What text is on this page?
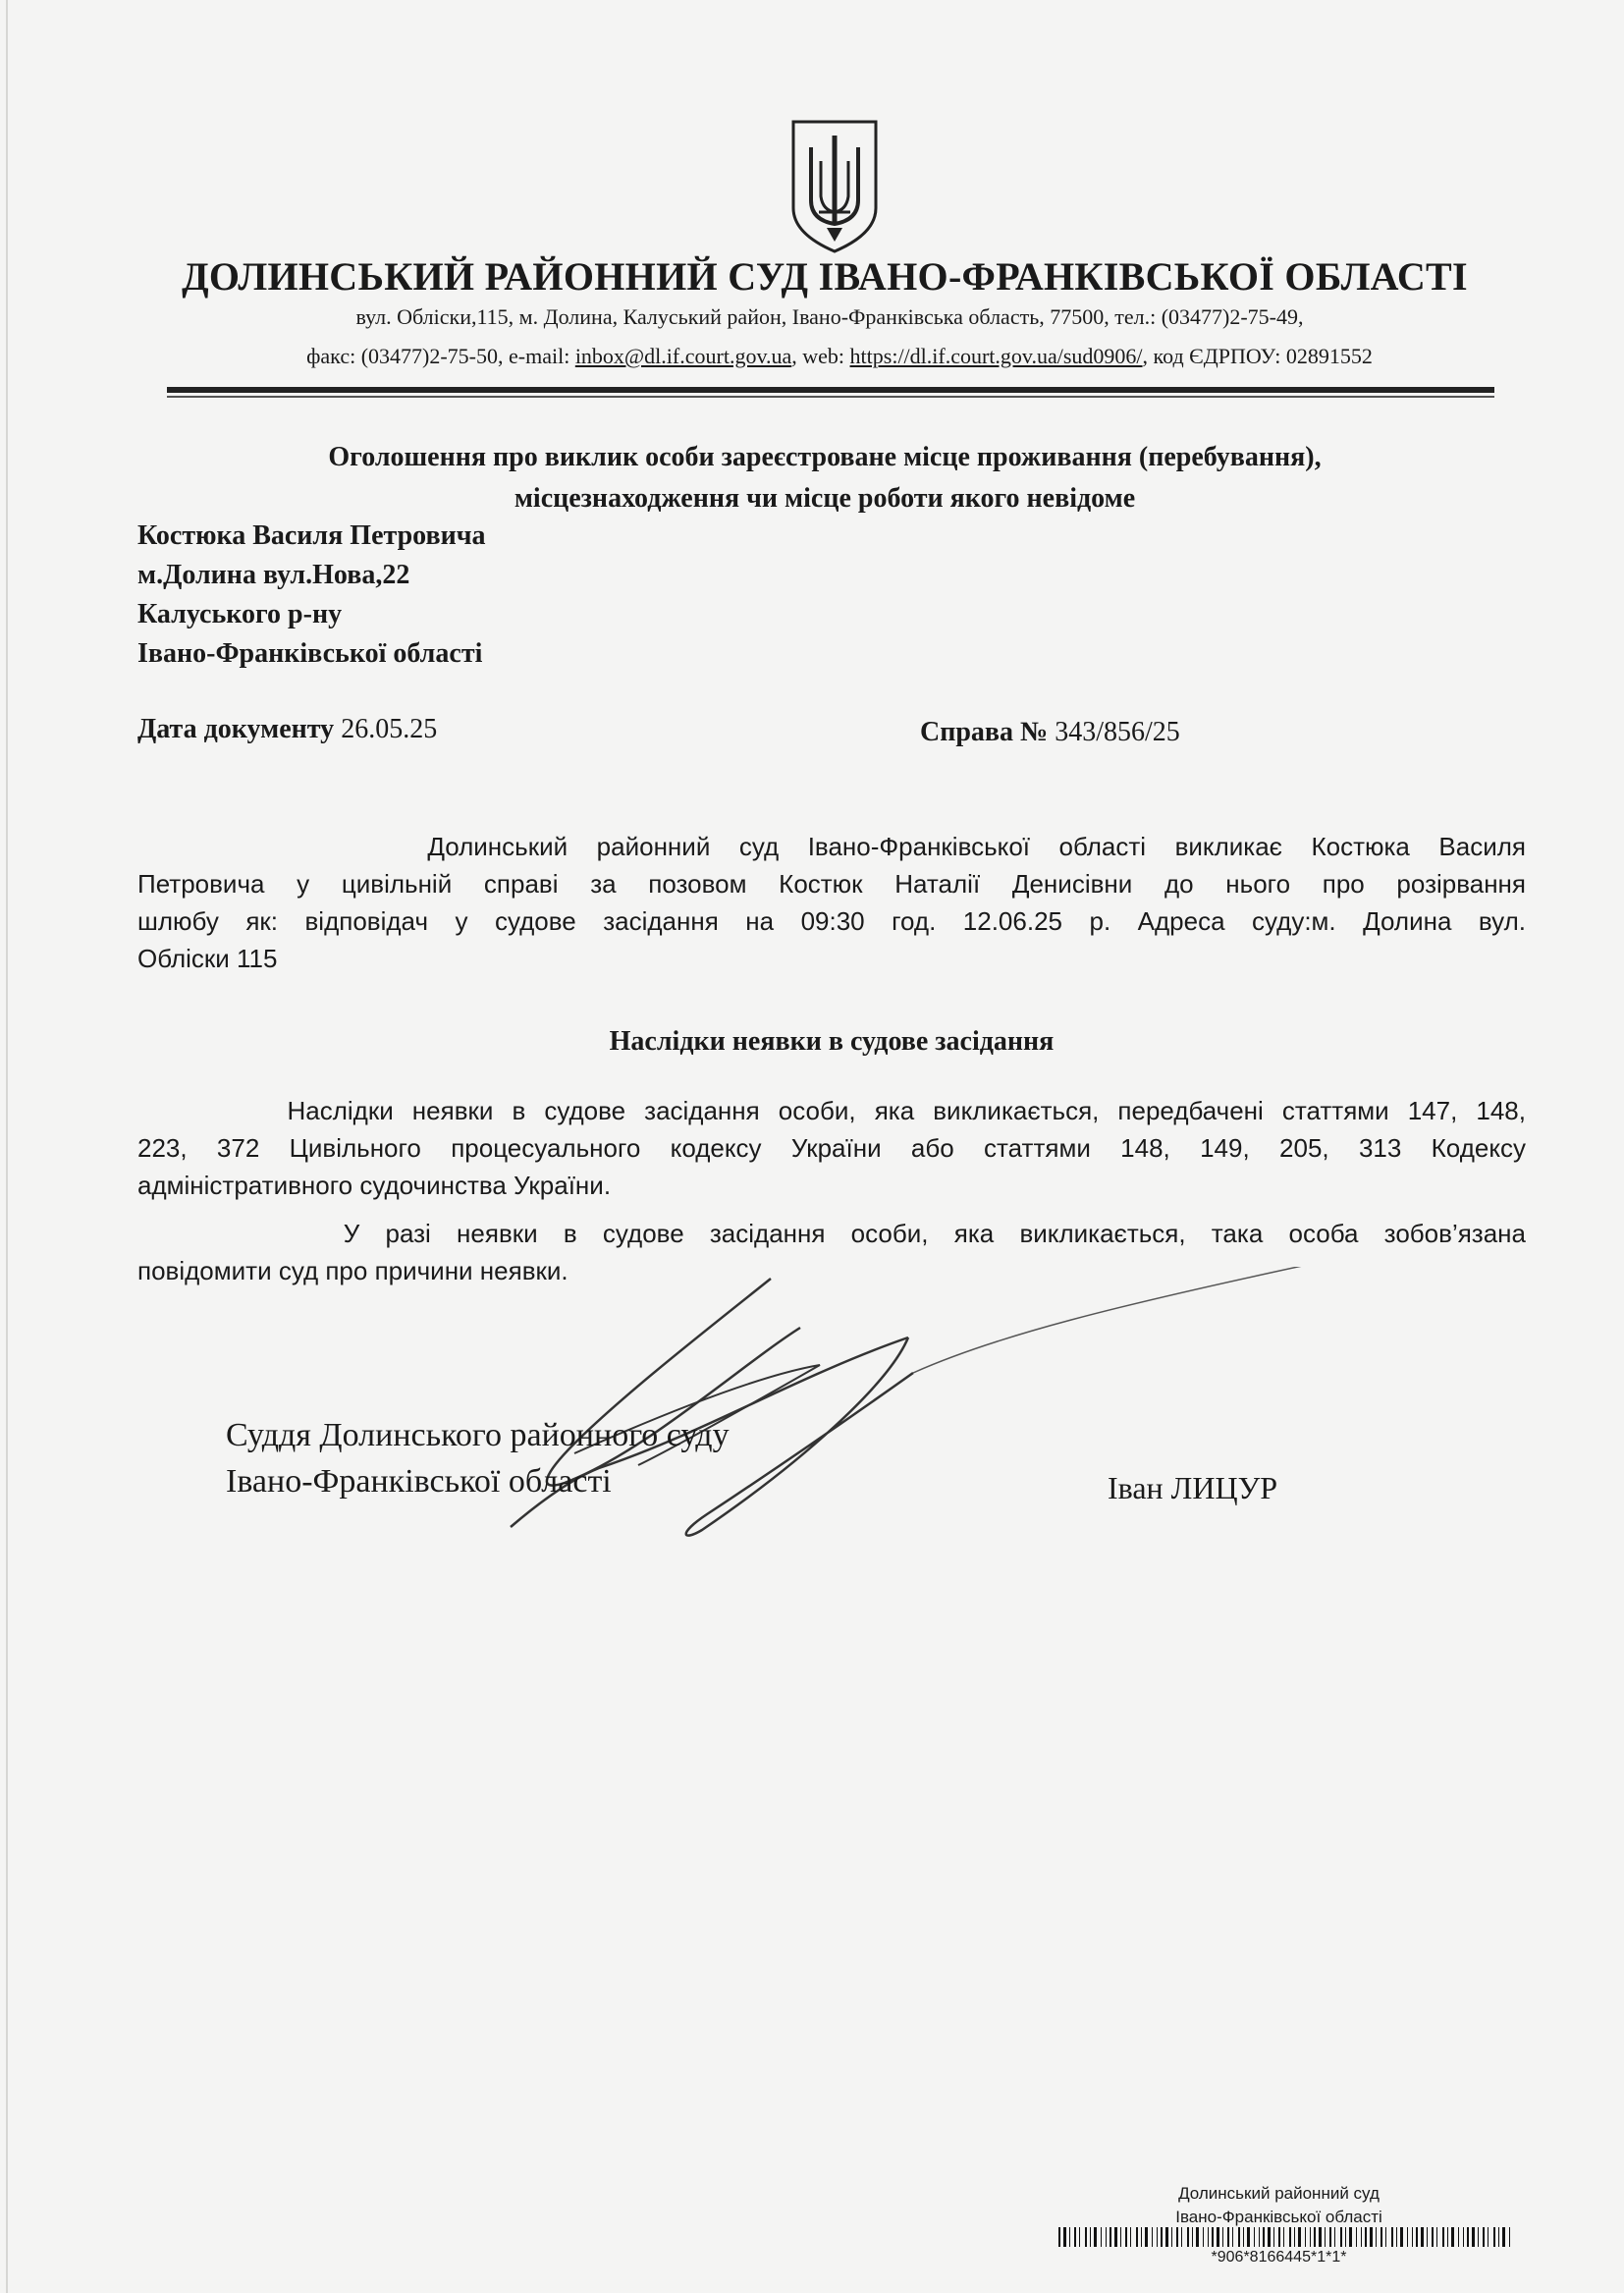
ДОЛИНСЬКИЙ РАЙОННИЙ СУД ІВАНО-ФРАНКІВСЬКОЇ ОБЛАСТІ
вул. Обліски,115, м. Долина, Калуський район, Івано-Франківська область, 77500, тел.: (03477)2-75-49,
факс: (03477)2-75-50, e-mail: inbox@dl.if.court.gov.ua, web: https://dl.if.court.gov.ua/sud0906/, код ЄДРПОУ: 02891552
Оголошення про виклик особи зареєстроване місце проживання (перебування),
місцезнаходження чи місце роботи якого невідоме
Костюка Василя Петровича
м.Долина вул.Нова,22
Калуського р-ну
Івано-Франківської області
Дата документу 26.05.25	Справа № 343/856/25
Долинський районний суд Івано-Франківської області викликає Костюка Василя
Петровича у цивільній справі за позовом Костюк Наталії Денисівни до нього про розірвання
шлюбу як: відповідач у судове засідання на 09:30 год. 12.06.25 р. Адреса суду:м. Долина вул.
Обліски 115
Наслідки неявки в судове засідання
Наслідки неявки в судове засідання особи, яка викликається, передбачені статтями 147, 148,
223, 372 Цивільного процесуального кодексу України або статтями 148, 149, 205, 313 Кодексу
адміністративного судочинства України.
У разі неявки в судове засідання особи, яка викликається, така особа зобов’язана
повідомити суд про причини неявки.
Суддя Долинського районного суду
Івано-Франківської області	Іван ЛИЦУР
Долинський районний суд
Івано-Франківської області
*906*8166445*1*1*
